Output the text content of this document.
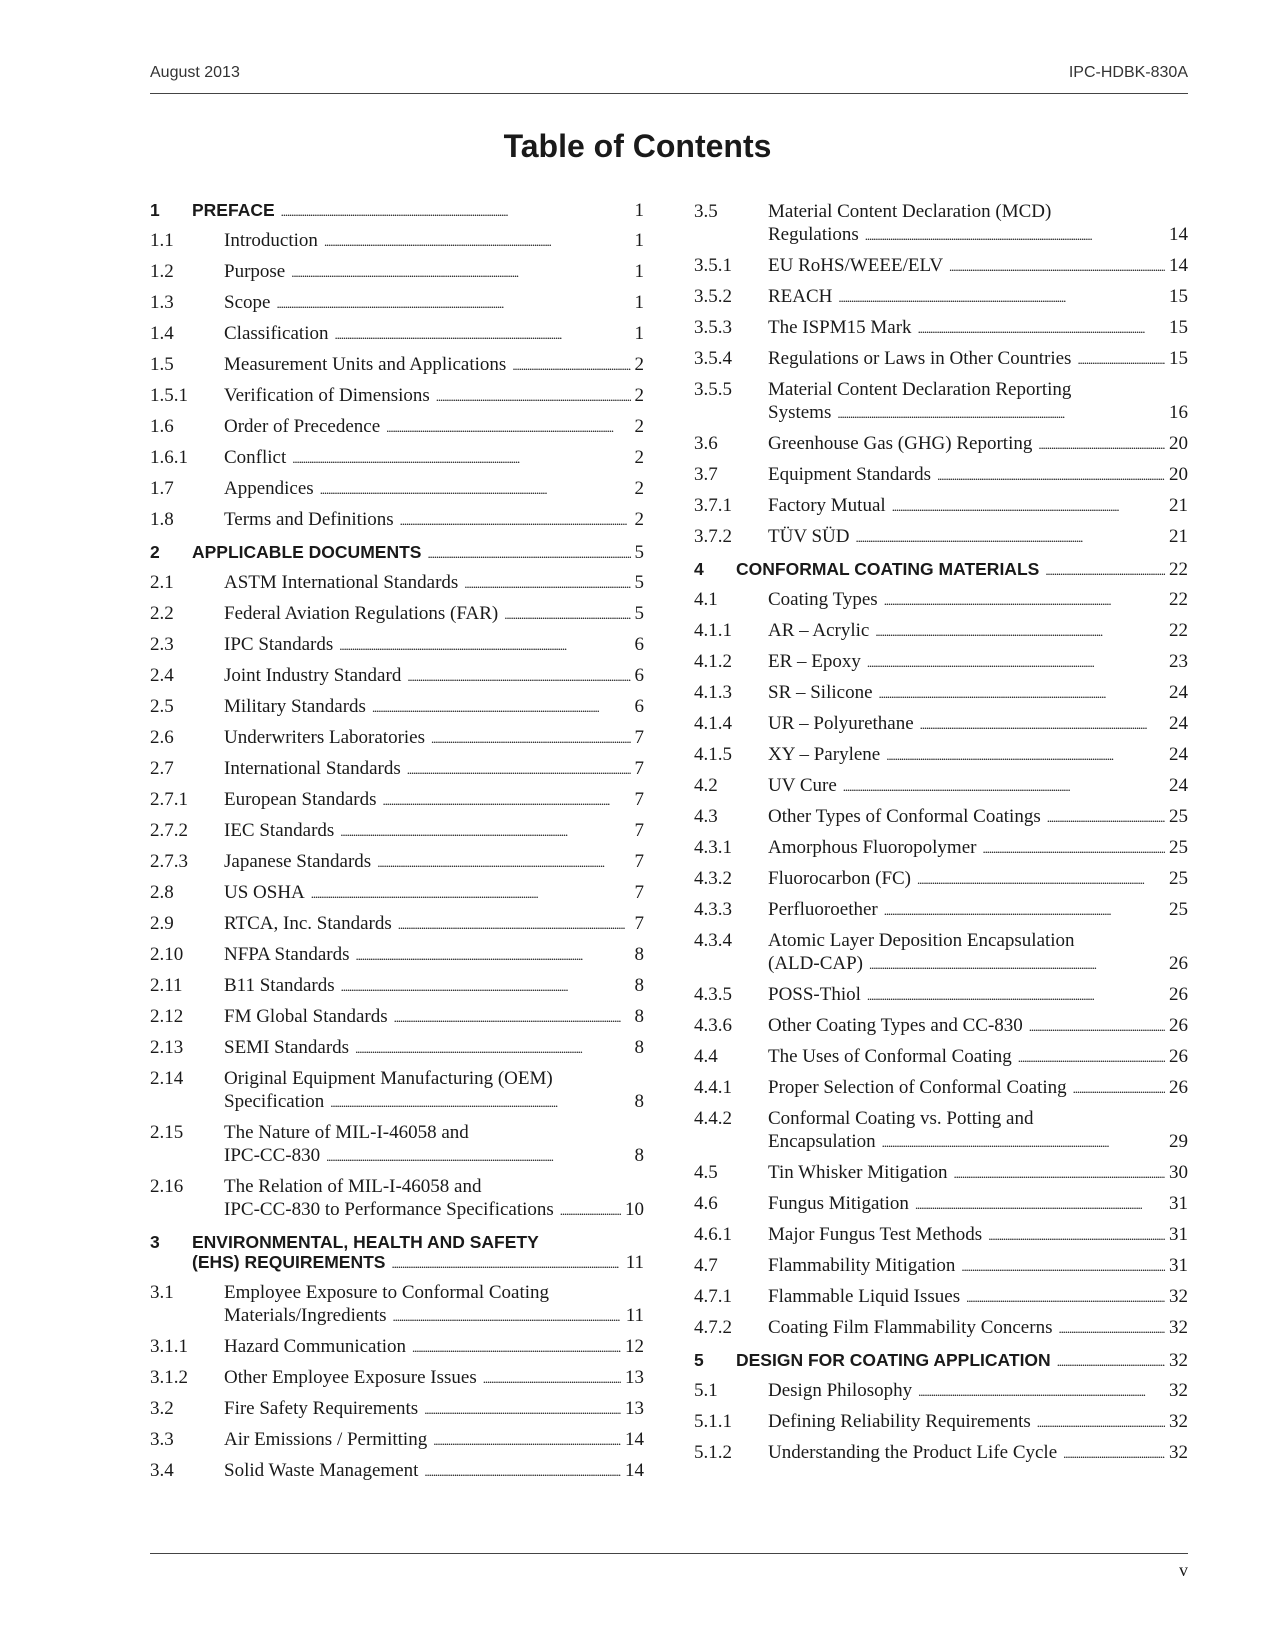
August 2013	IPC-HDBK-830A
Table of Contents
1 PREFACE . . .	1
1.1	Introduction . . .	1
1.2	Purpose . . .	1
1.3	Scope . . .	1
1.4	Classification . . .	1
1.5	Measurement Units and Applications . . .	2
1.5.1 Verification of Dimensions . . .	2
1.6	Order of Precedence . . .	2
1.6.1 Conflict . . .	2
1.7	Appendices . . .	2
1.8	Terms and Definitions . . .	2
2 APPLICABLE DOCUMENTS . . .	5
2.1	ASTM International Standards . . .	5
2.2	Federal Aviation Regulations (FAR) . . .	5
2.3	IPC Standards . . .	6
2.4	Joint Industry Standard . . .	6
2.5	Military Standards . . .	6
2.6	Underwriters Laboratories . . .	7
2.7	International Standards . . .	7
2.7.1 European Standards . . .	7
2.7.2 IEC Standards . . .	7
2.7.3 Japanese Standards . . .	7
2.8	US OSHA . . .	7
2.9	RTCA, Inc. Standards . . .	7
2.10 NFPA Standards . . .	8
2.11 B11 Standards . . .	8
2.12 FM Global Standards . . .	8
2.13 SEMI Standards . . .	8
2.14 Original Equipment Manufacturing (OEM)
Specification . . .	8
2.15 The Nature of MIL-I-46058 and
IPC-CC-830 . . .	8
2.16 The Relation of MIL-I-46058 and
IPC-CC-830 to Performance Specifications . . .	10
3 ENVIRONMENTAL, HEALTH AND SAFETY
(EHS) REQUIREMENTS . . .	11
3.1	Employee Exposure to Conformal Coating
Materials/Ingredients . . .	11
3.1.1 Hazard Communication . . .	12
3.1.2 Other Employee Exposure Issues . . .	13
3.2	Fire Safety Requirements . . .	13
3.3	Air Emissions / Permitting . . .	14
3.4	Solid Waste Management . . .	14
3.5	Material Content Declaration (MCD)
Regulations . . .	14
3.5.1 EU RoHS/WEEE/ELV . . .	14
3.5.2 REACH . . .	15
3.5.3 The ISPM15 Mark . . .	15
3.5.4 Regulations or Laws in Other Countries . . .	15
3.5.5 Material Content Declaration Reporting
Systems . . .	16
3.6	Greenhouse Gas (GHG) Reporting . . .	20
3.7	Equipment Standards . . .	20
3.7.1 Factory Mutual . . .	21
3.7.2 TÜV SÜD . . .	21
4 CONFORMAL COATING MATERIALS . . .	22
4.1	Coating Types . . .	22
4.1.1 AR – Acrylic . . .	22
4.1.2 ER – Epoxy . . .	23
4.1.3 SR – Silicone . . .	24
4.1.4 UR – Polyurethane . . .	24
4.1.5 XY – Parylene . . .	24
4.2	UV Cure . . .	24
4.3	Other Types of Conformal Coatings . . .	25
4.3.1 Amorphous Fluoropolymer . . .	25
4.3.2 Fluorocarbon (FC) . . .	25
4.3.3 Perfluoroether . . .	25
4.3.4 Atomic Layer Deposition Encapsulation
(ALD-CAP) . . .	26
4.3.5 POSS-Thiol . . .	26
4.3.6 Other Coating Types and CC-830 . . .	26
4.4	The Uses of Conformal Coating . . .	26
4.4.1 Proper Selection of Conformal Coating . . .	26
4.4.2 Conformal Coating vs. Potting and
Encapsulation . . .	29
4.5	Tin Whisker Mitigation . . .	30
4.6	Fungus Mitigation . . .	31
4.6.1 Major Fungus Test Methods . . .	31
4.7	Flammability Mitigation . . .	31
4.7.1 Flammable Liquid Issues . . .	32
4.7.2 Coating Film Flammability Concerns . . .	32
5 DESIGN FOR COATING APPLICATION . . .	32
5.1	Design Philosophy . . .	32
5.1.1 Defining Reliability Requirements . . .	32
5.1.2 Understanding the Product Life Cycle . . .	32
v
